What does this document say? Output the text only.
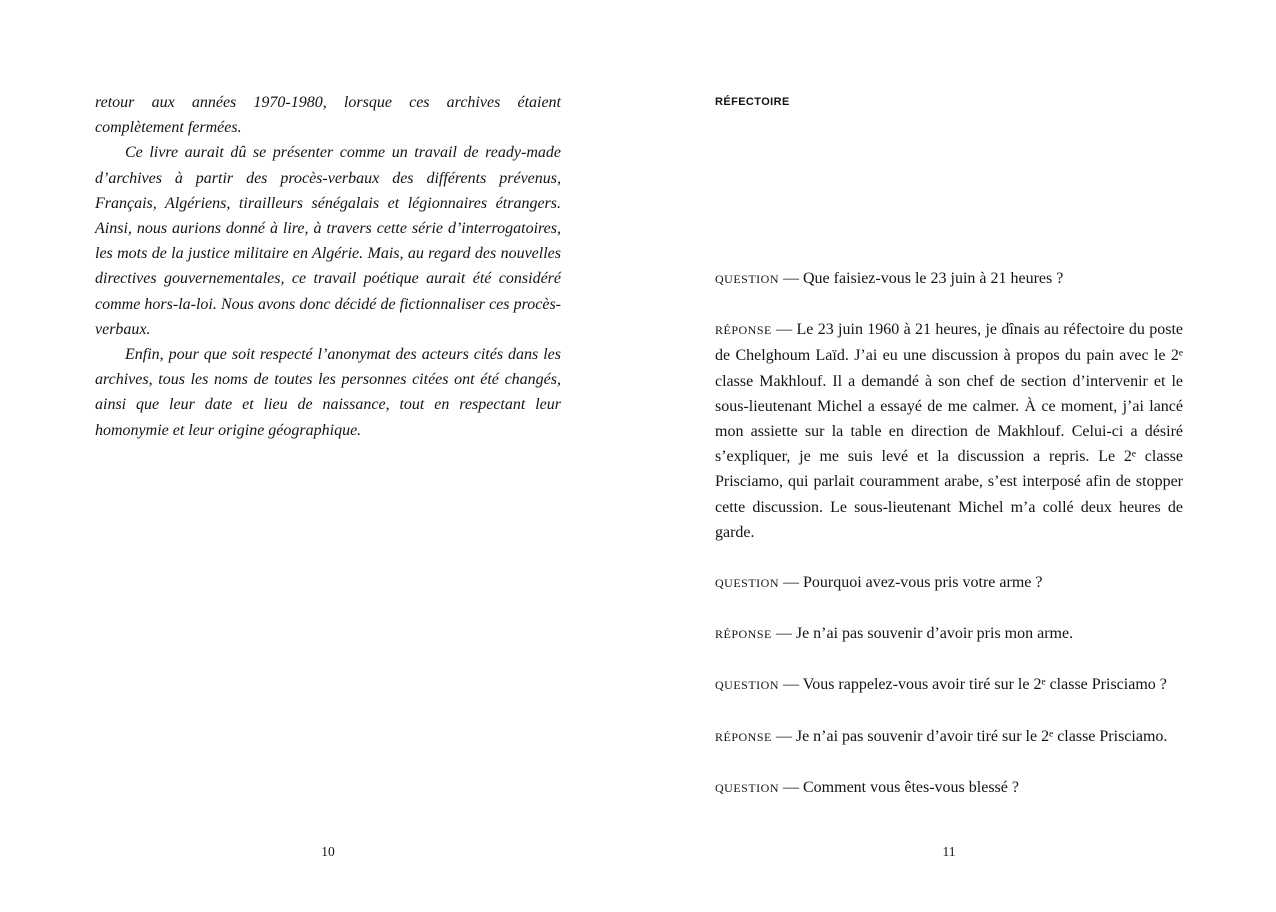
retour aux années 1970-1980, lorsque ces archives étaient complètement fermées.

Ce livre aurait dû se présenter comme un travail de ready-made d’archives à partir des procès-verbaux des différents prévenus, Français, Algériens, tirailleurs sénégalais et légionnaires étrangers. Ainsi, nous aurions donné à lire, à travers cette série d’interrogatoires, les mots de la justice militaire en Algérie. Mais, au regard des nouvelles directives gouvernementales, ce travail poétique aurait été considéré comme hors-la-loi. Nous avons donc décidé de fictionnaliser ces procès-verbaux.

Enfin, pour que soit respecté l’anonymat des acteurs cités dans les archives, tous les noms de toutes les personnes citées ont été changés, ainsi que leur date et lieu de naissance, tout en respectant leur homonymie et leur origine géographique.

10
RÉFECTOIRE

QUESTION — Que faisiez-vous le 23 juin à 21 heures ?

RÉPONSE — Le 23 juin 1960 à 21 heures, je dînais au réfectoire du poste de Chelghoum Laïd. J’ai eu une discussion à propos du pain avec le 2ᵉ classe Makhlouf. Il a demandé à son chef de section d’intervenir et le sous-lieutenant Michel a essayé de me calmer. À ce moment, j’ai lancé mon assiette sur la table en direction de Makhlouf. Celui-ci a désiré s’expliquer, je me suis levé et la discussion a repris. Le 2ᵉ classe Prisciamo, qui parlait couramment arabe, s’est interposé afin de stopper cette discussion. Le sous-lieutenant Michel m’a collé deux heures de garde.

QUESTION — Pourquoi avez-vous pris votre arme ?

RÉPONSE — Je n’ai pas souvenir d’avoir pris mon arme.

QUESTION — Vous rappelez-vous avoir tiré sur le 2ᵉ classe Prisciamo ?

RÉPONSE — Je n’ai pas souvenir d’avoir tiré sur le 2ᵉ classe Prisciamo.

QUESTION — Comment vous êtes-vous blessé ?

11
